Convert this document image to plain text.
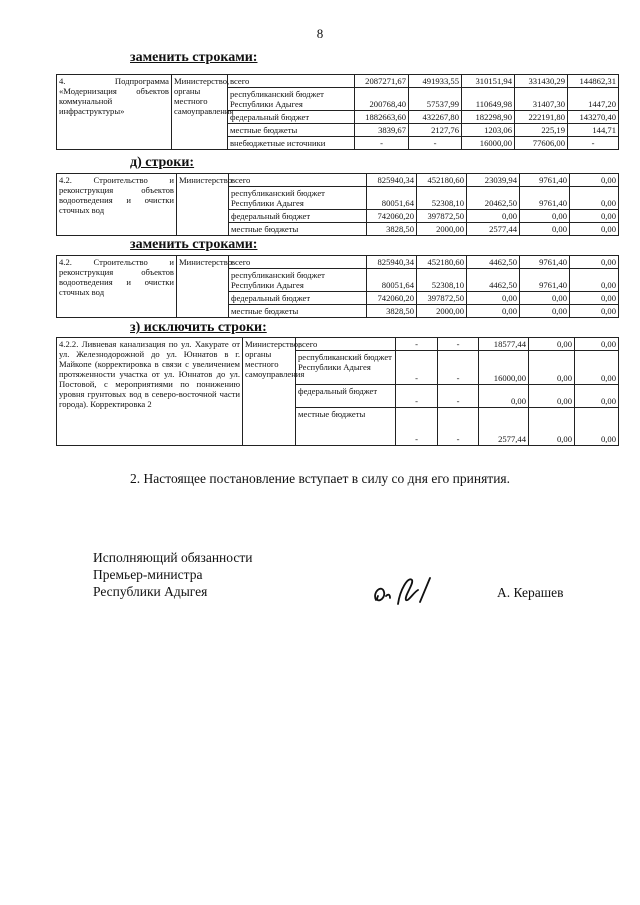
8
заменить строками:
4. Подпрограмма «Модернизация объектов коммунальной инфраструктуры»	Министерство, органы местного самоуправления	всего	2087271,67	491933,55	310151,94	331430,29	144862,31
		республиканский бюджет Республики Адыгея	200768,40	57537,99	110649,98	31407,30	1447,20
		федеральный бюджет	1882663,60	432267,80	182298,90	222191,80	143270,40
		местные бюджеты	3839,67	2127,76	1203,06	225,19	144,71
		внебюджетные источники	-	-	16000,00	77606,00	-
д) строки:
4.2. Строительство и реконструкция объектов водоотведения и очистки сточных вод	Министерство	всего	825940,34	452180,60	23039,94	9761,40	0,00
		республиканский бюджет Республики Адыгея	80051,64	52308,10	20462,50	9761,40	0,00
		федеральный бюджет	742060,20	397872,50	0,00	0,00	0,00
		местные бюджеты	3828,50	2000,00	2577,44	0,00	0,00
заменить строками:
4.2. Строительство и реконструкция объектов водоотведения и очистки сточных вод	Министерство	всего	825940,34	452180,60	4462,50	9761,40	0,00
		республиканский бюджет Республики Адыгея	80051,64	52308,10	4462,50	9761,40	0,00
		федеральный бюджет	742060,20	397872,50	0,00	0,00	0,00
		местные бюджеты	3828,50	2000,00	0,00	0,00	0,00
з) исключить строки:
4.2.2. Ливневая канализация по ул. Хакурате от ул. Железнодорожной до ул. Юннатов в г. Майкопе (корректировка в связи с увеличением протяженности участка от ул. Юннатов до ул. Постовой, с мероприятиями по понижению уровня грунтовых вод в северо-восточной части города). Корректировка 2	Министерство, органы местного самоуправления	всего	-	-	18577,44	0,00	0,00
		республиканский бюджет Республики Адыгея	-	-	16000,00	0,00	0,00
		федеральный бюджет	-	-	0,00	0,00	0,00
		местные бюджеты	-	-	2577,44	0,00	0,00
2. Настоящее постановление вступает в силу со дня его принятия.
Исполняющий обязанности
Премьер-министра
Республики Адыгея	А. Керашев
